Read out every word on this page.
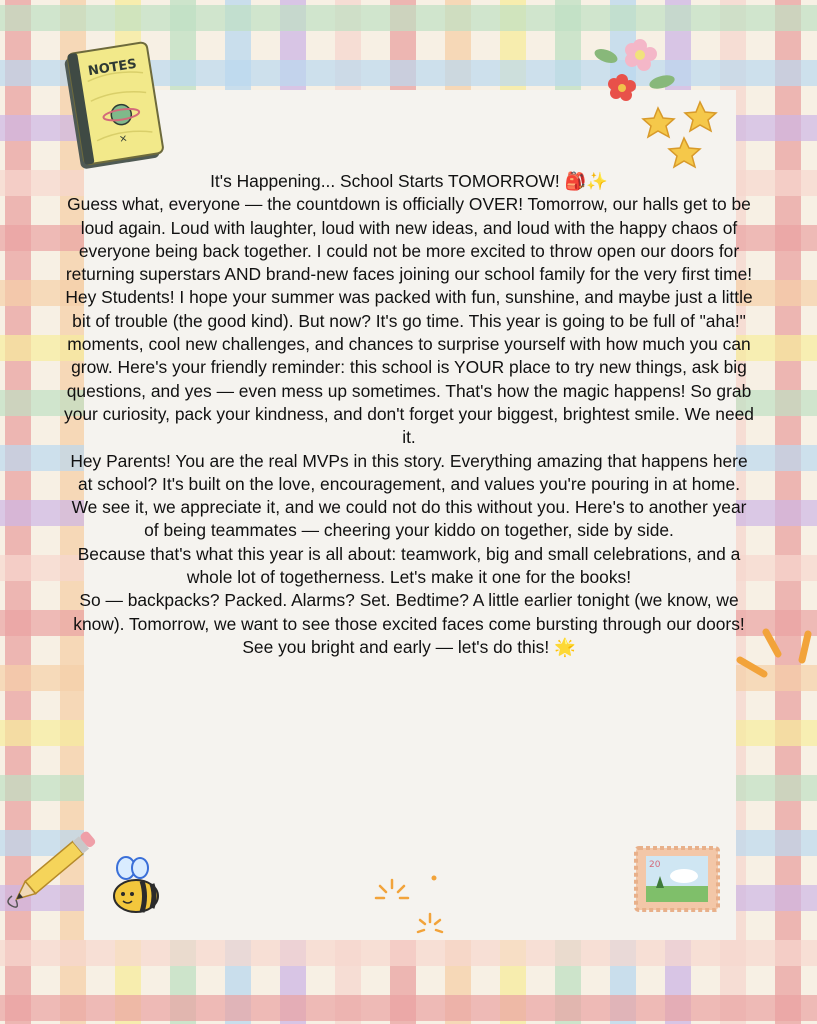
NOTES
×
20

It's Happening... School Starts TOMORROW! 🎒✨

Guess what, everyone — the countdown is officially OVER! Tomorrow, our halls get to be loud again. Loud with laughter, loud with new ideas, and loud with the happy chaos of everyone being back together. I could not be more excited to throw open our doors for returning superstars AND brand-new faces joining our school family for the very first time!

Hey Students! I hope your summer was packed with fun, sunshine, and maybe just a little bit of trouble (the good kind). But now? It's go time. This year is going to be full of "aha!" moments, cool new challenges, and chances to surprise yourself with how much you can grow. Here's your friendly reminder: this school is YOUR place to try new things, ask big questions, and yes — even mess up sometimes. That's how the magic happens! So grab your curiosity, pack your kindness, and don't forget your biggest, brightest smile. We need it.

Hey Parents! You are the real MVPs in this story. Everything amazing that happens here at school? It's built on the love, encouragement, and values you're pouring in at home. We see it, we appreciate it, and we could not do this without you. Here's to another year of being teammates — cheering your kiddo on together, side by side.

Because that's what this year is all about: teamwork, big and small celebrations, and a whole lot of togetherness. Let's make it one for the books!

So — backpacks? Packed. Alarms? Set. Bedtime? A little earlier tonight (we know, we know). Tomorrow, we want to see those excited faces come bursting through our doors!

See you bright and early — let's do this! 🌟
